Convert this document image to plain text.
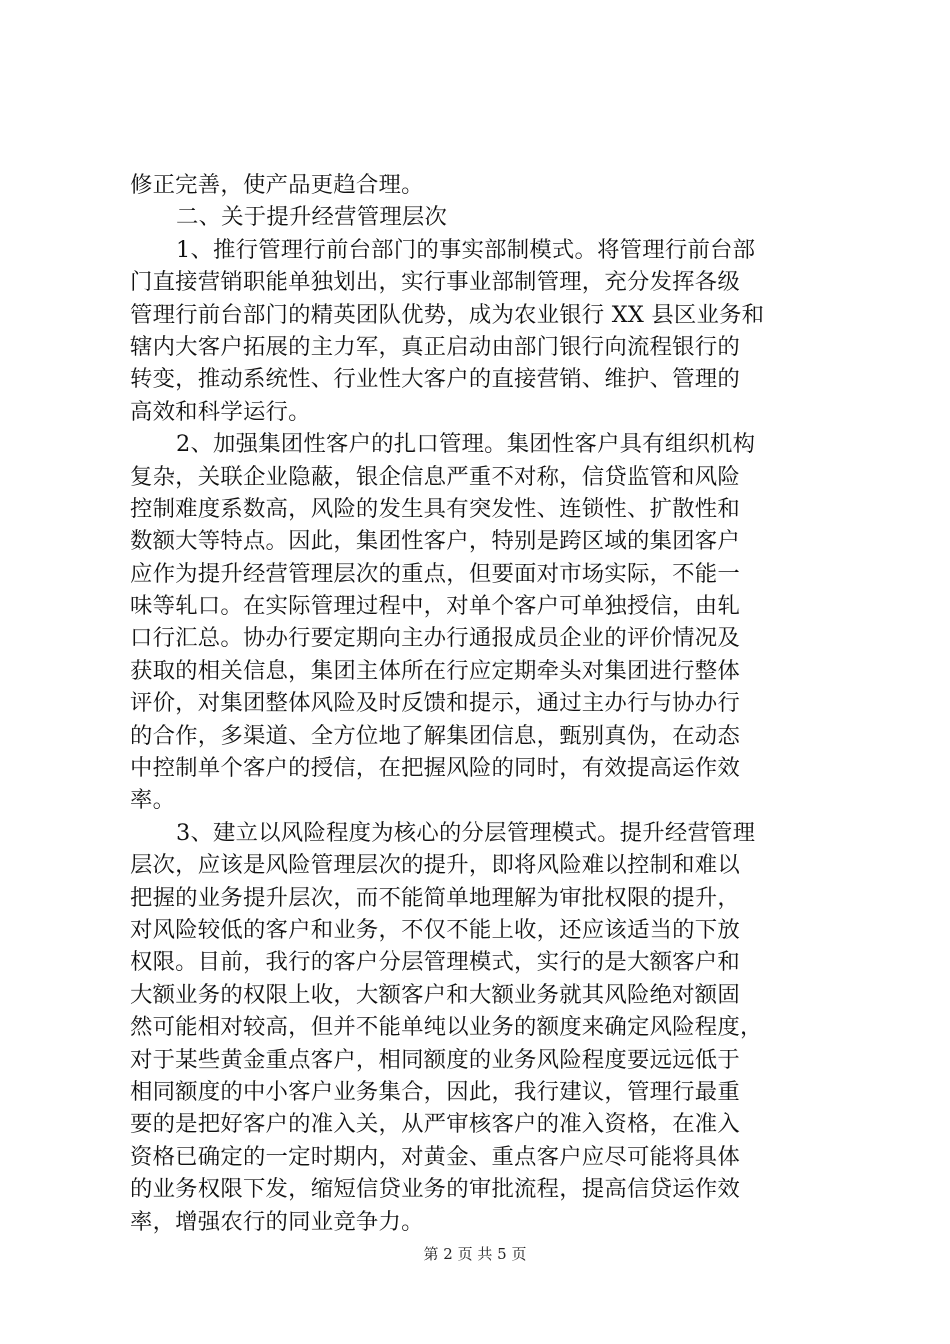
修正完善，使产品更趋合理。
二、关于提升经营管理层次
1、推行管理行前台部门的事实部制模式。将管理行前台部
门直接营销职能单独划出，实行事业部制管理，充分发挥各级
管理行前台部门的精英团队优势，成为农业银行 XX 县区业务和
辖内大客户拓展的主力军，真正启动由部门银行向流程银行的
转变，推动系统性、行业性大客户的直接营销、维护、管理的
高效和科学运行。
2、加强集团性客户的扎口管理。集团性客户具有组织机构
复杂，关联企业隐蔽，银企信息严重不对称，信贷监管和风险
控制难度系数高，风险的发生具有突发性、连锁性、扩散性和
数额大等特点。因此，集团性客户，特别是跨区域的集团客户
应作为提升经营管理层次的重点，但要面对市场实际，不能一
味等轧口。在实际管理过程中，对单个客户可单独授信，由轧
口行汇总。协办行要定期向主办行通报成员企业的评价情况及
获取的相关信息，集团主体所在行应定期牵头对集团进行整体
评价，对集团整体风险及时反馈和提示，通过主办行与协办行
的合作，多渠道、全方位地了解集团信息，甄别真伪，在动态
中控制单个客户的授信，在把握风险的同时，有效提高运作效
率。
3、建立以风险程度为核心的分层管理模式。提升经营管理
层次，应该是风险管理层次的提升，即将风险难以控制和难以
把握的业务提升层次，而不能简单地理解为审批权限的提升，
对风险较低的客户和业务，不仅不能上收，还应该适当的下放
权限。目前，我行的客户分层管理模式，实行的是大额客户和
大额业务的权限上收，大额客户和大额业务就其风险绝对额固
然可能相对较高，但并不能单纯以业务的额度来确定风险程度，
对于某些黄金重点客户，相同额度的业务风险程度要远远低于
相同额度的中小客户业务集合，因此，我行建议，管理行最重
要的是把好客户的准入关，从严审核客户的准入资格，在准入
资格已确定的一定时期内，对黄金、重点客户应尽可能将具体
的业务权限下发，缩短信贷业务的审批流程，提高信贷运作效
率，增强农行的同业竞争力。
第 2 页 共 5 页
